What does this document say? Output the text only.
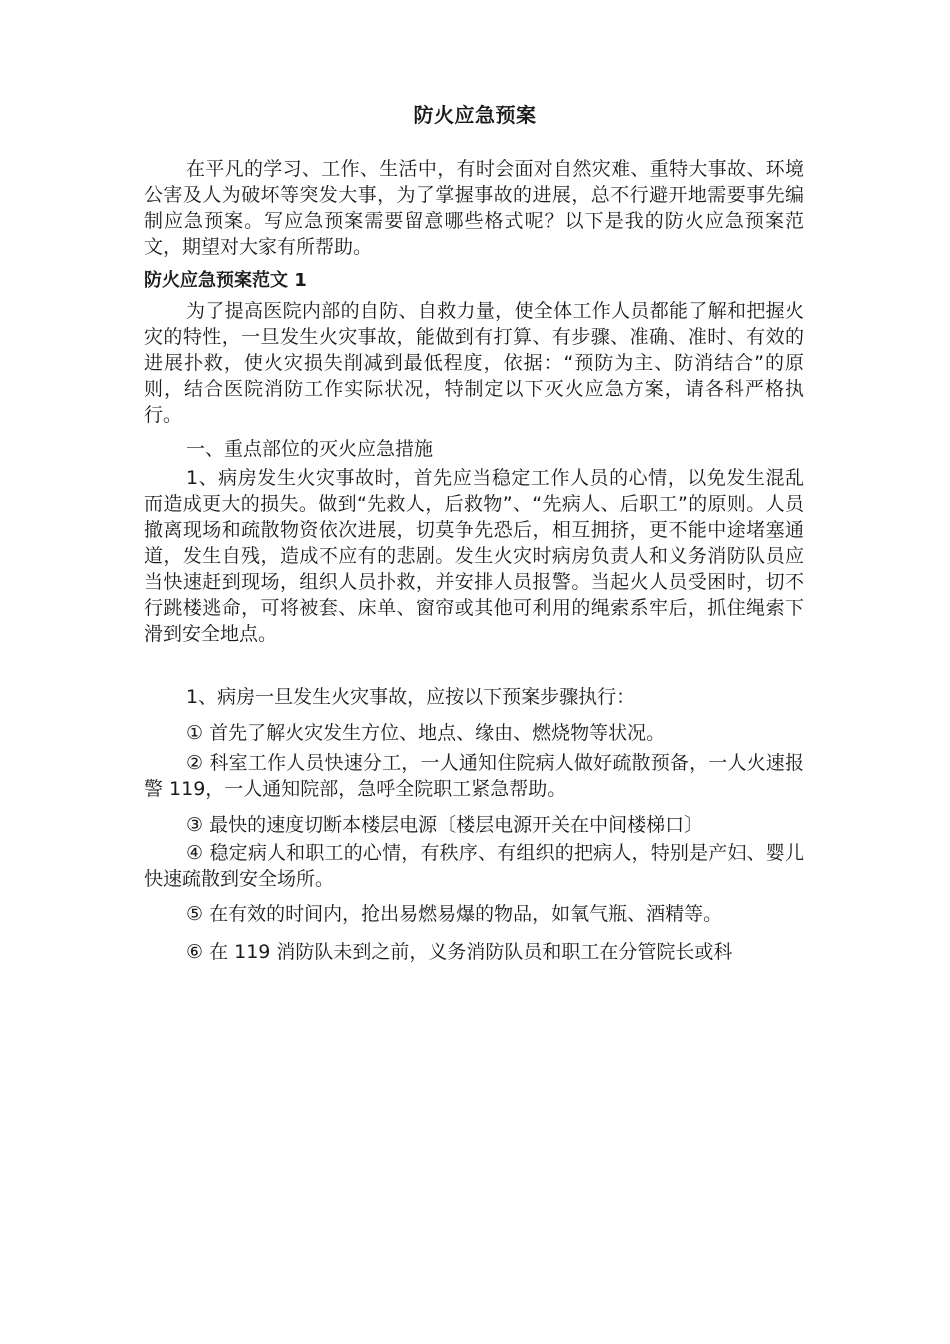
防火应急预案

在平凡的学习、工作、生活中，有时会面对自然灾难、重特大事故、环境公害及人为破坏等突发大事，为了掌握事故的进展，总不行避开地需要事先编制应急预案。写应急预案需要留意哪些格式呢？以下是我的防火应急预案范文，期望对大家有所帮助。

防火应急预案范文 1

为了提高医院内部的自防、自救力量，使全体工作人员都能了解和把握火灾的特性，一旦发生火灾事故，能做到有打算、有步骤、准确、准时、有效的进展扑救，使火灾损失削减到最低程度，依据：“预防为主、防消结合”的原则，结合医院消防工作实际状况，特制定以下灭火应急方案，请各科严格执行。

一、重点部位的灭火应急措施

1、病房发生火灾事故时，首先应当稳定工作人员的心情，以免发生混乱而造成更大的损失。做到“先救人，后救物”、“先病人、后职工”的原则。人员撤离现场和疏散物资依次进展，切莫争先恐后，相互拥挤，更不能中途堵塞通道，发生自残，造成不应有的悲剧。发生火灾时病房负责人和义务消防队员应当快速赶到现场，组织人员扑救，并安排人员报警。当起火人员受困时，切不行跳楼逃命，可将被套、床单、窗帘或其他可利用的绳索系牢后，抓住绳索下滑到安全地点。

1、病房一旦发生火灾事故，应按以下预案步骤执行：

① 首先了解火灾发生方位、地点、缘由、燃烧物等状况。

② 科室工作人员快速分工，一人通知住院病人做好疏散预备，一人火速报警 119，一人通知院部，急呼全院职工紧急帮助。

③ 最快的速度切断本楼层电源〔楼层电源开关在中间楼梯口〕

④ 稳定病人和职工的心情，有秩序、有组织的把病人，特别是产妇、婴儿快速疏散到安全场所。

⑤ 在有效的时间内，抢出易燃易爆的物品，如氧气瓶、酒精等。

⑥ 在 119 消防队未到之前，义务消防队员和职工在分管院长或科
